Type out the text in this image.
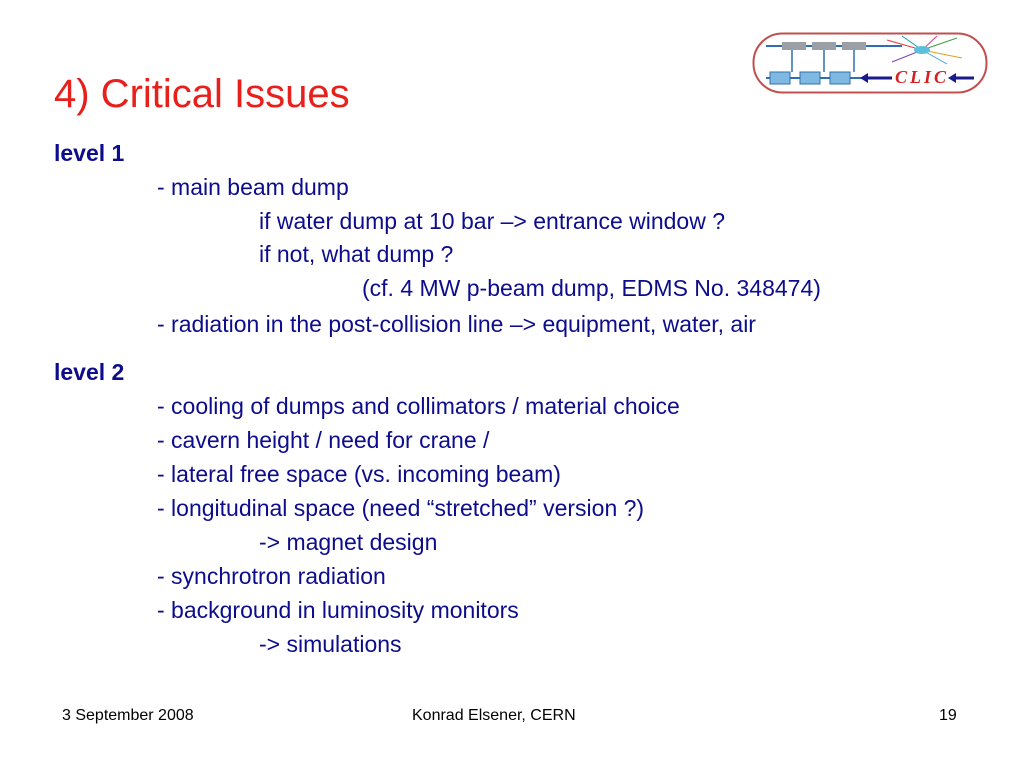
4) Critical Issues	CLIC
level 1
- main beam dump
if water dump at 10 bar –> entrance window ?
if not, what dump ?
(cf. 4 MW p-beam dump, EDMS No. 348474)
- radiation in the post-collision line –> equipment, water, air
level 2
- cooling of dumps and collimators / material choice
- cavern height / need for crane /
- lateral free space (vs. incoming beam)
- longitudinal space (need “stretched” version ?)
-> magnet design
- synchrotron radiation
- background in luminosity monitors
-> simulations
3 September 2008	Konrad Elsener, CERN	19
